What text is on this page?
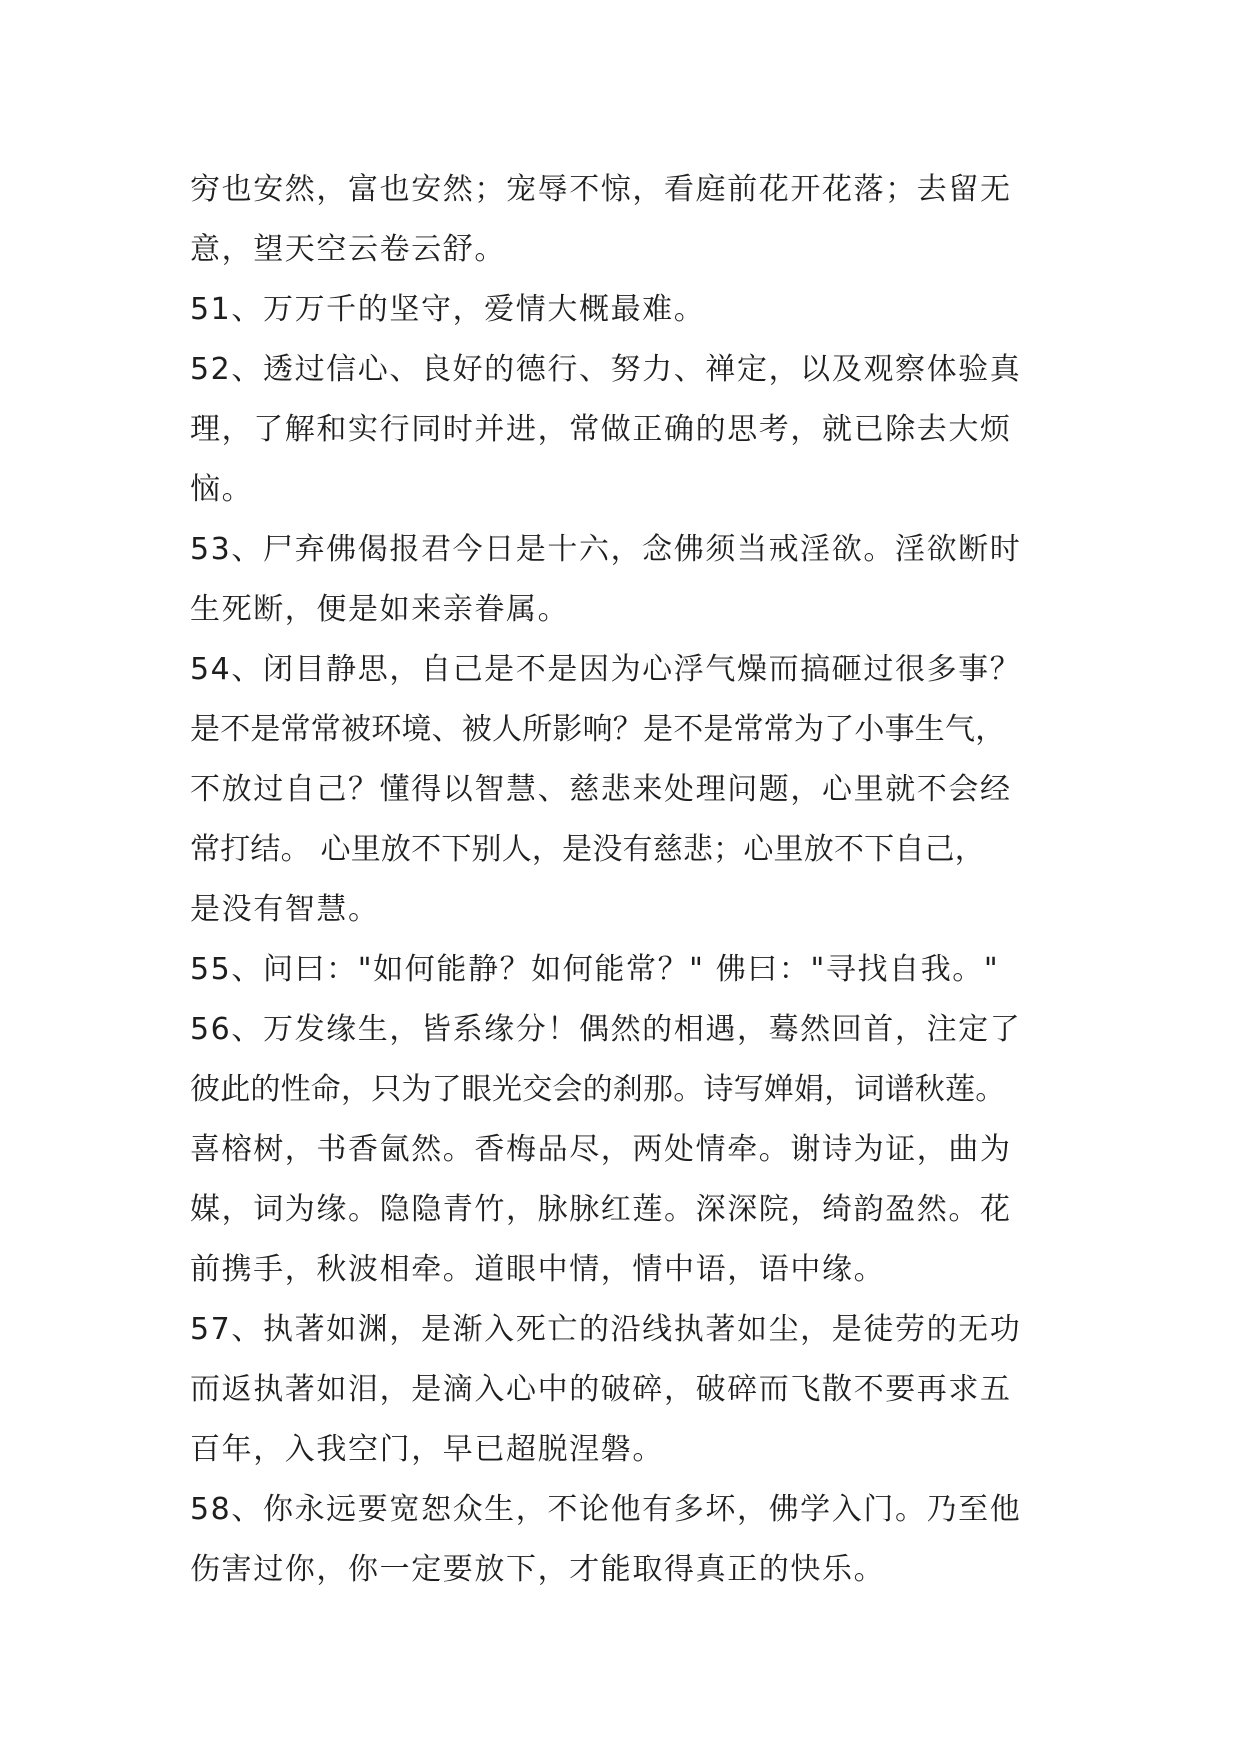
穷也安然，富也安然；宠辱不惊，看庭前花开花落；去留无
意，望天空云卷云舒。
51、万万千的坚守，爱情大概最难。
52、透过信心、良好的德行、努力、禅定，以及观察体验真
理，了解和实行同时并进，常做正确的思考，就已除去大烦
恼。
53、尸弃佛偈报君今日是十六，念佛须当戒淫欲。淫欲断时
生死断，便是如来亲眷属。
54、闭目静思，自己是不是因为心浮气燥而搞砸过很多事？
是不是常常被环境、被人所影响？是不是常常为了小事生气，
不放过自己？懂得以智慧、慈悲来处理问题，心里就不会经
常打结。 心里放不下别人，是没有慈悲；心里放不下自己，
是没有智慧。
55、问曰："如何能静？如何能常？" 佛曰："寻找自我。"
56、万发缘生，皆系缘分！偶然的相遇，蓦然回首，注定了
彼此的性命，只为了眼光交会的刹那。诗写婵娟，词谱秋莲。
喜榕树，书香氤然。香梅品尽，两处情牵。谢诗为证，曲为
媒，词为缘。隐隐青竹，脉脉红莲。深深院，绮韵盈然。花
前携手，秋波相牵。道眼中情，情中语，语中缘。
57、执著如渊，是渐入死亡的沿线执著如尘，是徒劳的无功
而返执著如泪，是滴入心中的破碎，破碎而飞散不要再求五
百年，入我空门，早已超脱涅磐。
58、你永远要宽恕众生，不论他有多坏，佛学入门。乃至他
伤害过你，你一定要放下，才能取得真正的快乐。
